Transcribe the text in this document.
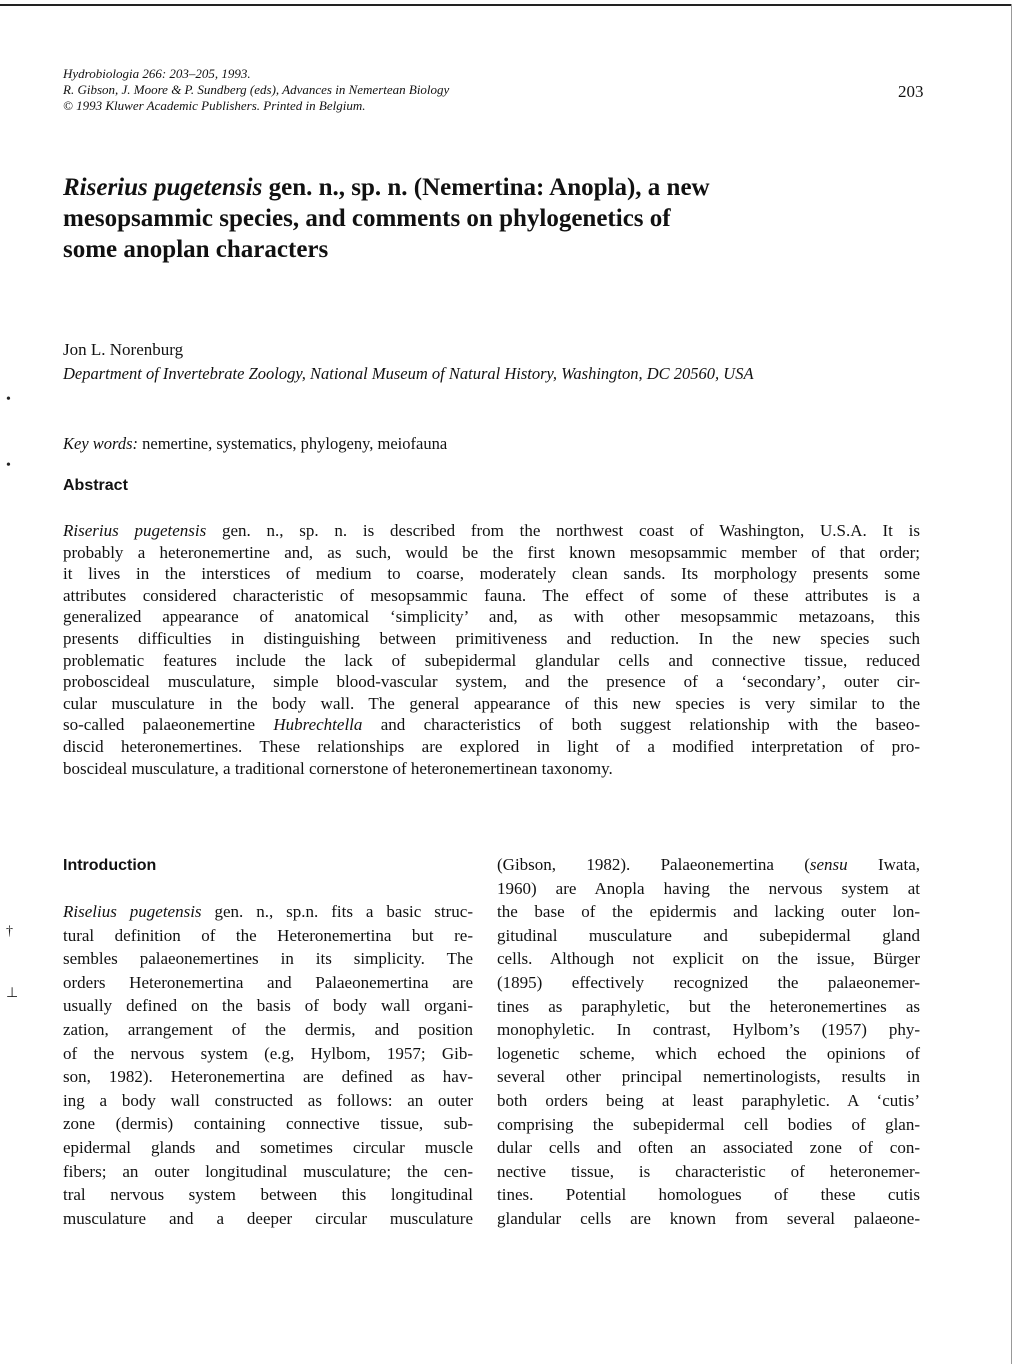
•
•
†
⊥
Hydrobiologia 266: 203–205, 1993.
R. Gibson, J. Moore & P. Sundberg (eds), Advances in Nemertean Biology
© 1993 Kluwer Academic Publishers. Printed in Belgium.
203
Riserius pugetensis gen. n., sp. n. (Nemertina: Anopla), a new
mesopsammic species, and comments on phylogenetics of
some anoplan characters
Jon L. Norenburg
Department of Invertebrate Zoology, National Museum of Natural History, Washington, DC 20560, USA
Key words: nemertine, systematics, phylogeny, meiofauna
Abstract
Riserius pugetensis gen. n., sp. n. is described from the northwest coast of Washington, U.S.A. It is
probably a heteronemertine and, as such, would be the first known mesopsammic member of that order;
it lives in the interstices of medium to coarse, moderately clean sands. Its morphology presents some
attributes considered characteristic of mesopsammic fauna. The effect of some of these attributes is a
generalized appearance of anatomical ‘simplicity’ and, as with other mesopsammic metazoans, this
presents difficulties in distinguishing between primitiveness and reduction. In the new species such
problematic features include the lack of subepidermal glandular cells and connective tissue, reduced
proboscideal musculature, simple blood-vascular system, and the presence of a ‘secondary’, outer cir-
cular musculature in the body wall. The general appearance of this new species is very similar to the
so-called palaeonemertine Hubrechtella and characteristics of both suggest relationship with the baseo-
discid heteronemertines. These relationships are explored in light of a modified interpretation of pro-
boscideal musculature, a traditional cornerstone of heteronemertinean taxonomy.
Introduction
Riselius pugetensis gen. n., sp.n. fits a basic struc-
tural definition of the Heteronemertina but re-
sembles palaeonemertines in its simplicity. The
orders Heteronemertina and Palaeonemertina are
usually defined on the basis of body wall organi-
zation, arrangement of the dermis, and position
of the nervous system (e.g, Hylbom, 1957; Gib-
son, 1982). Heteronemertina are defined as hav-
ing a body wall constructed as follows: an outer
zone (dermis) containing connective tissue, sub-
epidermal glands and sometimes circular muscle
fibers; an outer longitudinal musculature; the cen-
tral nervous system between this longitudinal
musculature and a deeper circular musculature
(Gibson, 1982). Palaeonemertina (sensu Iwata,
1960) are Anopla having the nervous system at
the base of the epidermis and lacking outer lon-
gitudinal musculature and subepidermal gland
cells. Although not explicit on the issue, Bürger
(1895) effectively recognized the palaeonemer-
tines as paraphyletic, but the heteronemertines as
monophyletic. In contrast, Hylbom’s (1957) phy-
logenetic scheme, which echoed the opinions of
several other principal nemertinologists, results in
both orders being at least paraphyletic. A ‘cutis’
comprising the subepidermal cell bodies of glan-
dular cells and often an associated zone of con-
nective tissue, is characteristic of heteronemer-
tines. Potential homologues of these cutis
glandular cells are known from several palaeone-
